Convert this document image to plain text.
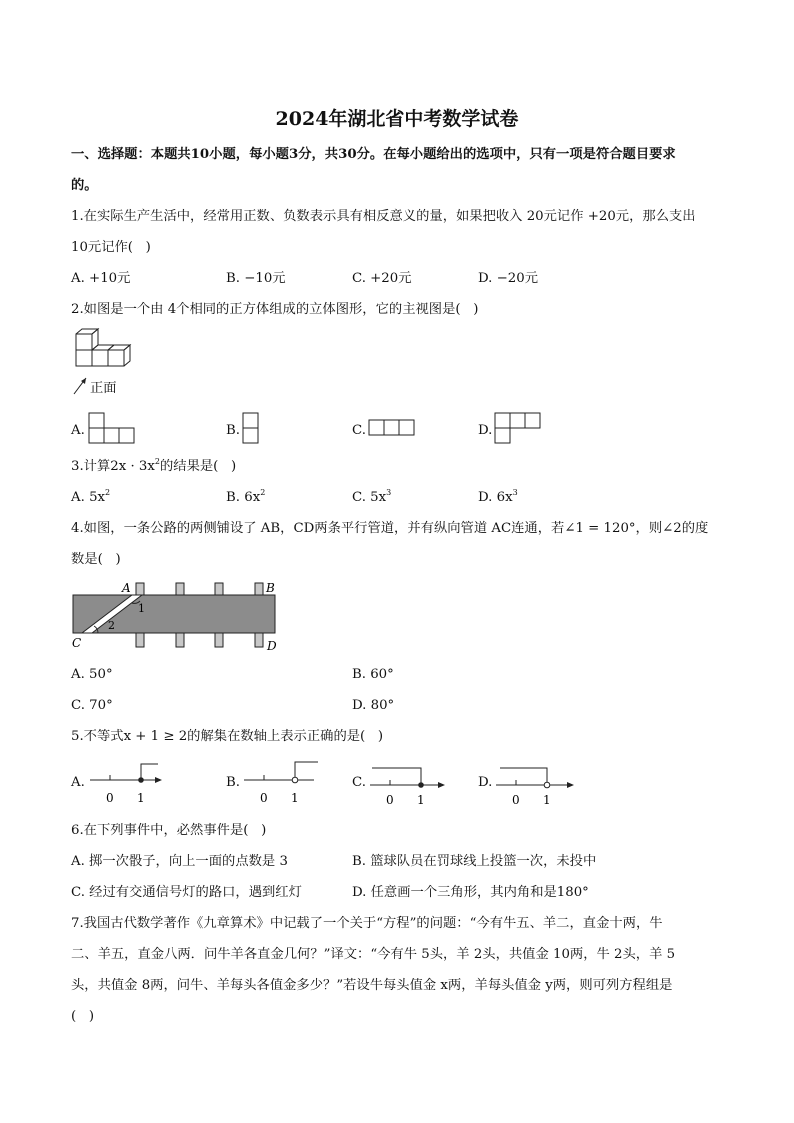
2024年湖北省中考数学试卷
一、选择题：本题共10小题，每小题3分，共30分。在每小题给出的选项中，只有一项是符合题目要求
的。
1.在实际生产生活中，经常用正数、负数表示具有相反意义的量，如果把收入 20元记作 +20元，那么支出
10元记作(   )
A. +10元	B. −10元	C. +20元	D. −20元
2.如图是一个由 4个相同的正方体组成的立体图形，它的主视图是(   )
正面
A.	B.	C.	D.
3.计算$2x \cdot 3x^2$的结果是(   )
A. $5x^2$	B. $6x^2$	C. $5x^3$	D. $6x^3$
4.如图，一条公路的两侧铺设了 AB，CD两条平行管道，并有纵向管道 AC连通，若∠1 = 120°，则∠2的度
数是(   )
A	B
C	D
1
2
A. 50°	B. 60°
C. 70°	D. 80°
5.不等式x + 1 ≥ 2的解集在数轴上表示正确的是(   )
A.
0 1
B.
0 1
C.
0 1
D.
0 1
6.在下列事件中，必然事件是(   )
A. 掷一次骰子，向上一面的点数是 3	B. 篮球队员在罚球线上投篮一次，未投中
C. 经过有交通信号灯的路口，遇到红灯	D. 任意画一个三角形，其内角和是180°
7.我国古代数学著作《九章算术》中记载了一个关于“方程”的问题：“今有牛五、羊二，直金十两，牛
二、羊五，直金八两．问牛羊各直金几何？”译文：“今有牛 5头，羊 2头，共值金 10两，牛 2头，羊 5
头，共值金 8两，问牛、羊每头各值金多少？”若设牛每头值金 x两，羊每头值金 y两，则可列方程组是
(   )
